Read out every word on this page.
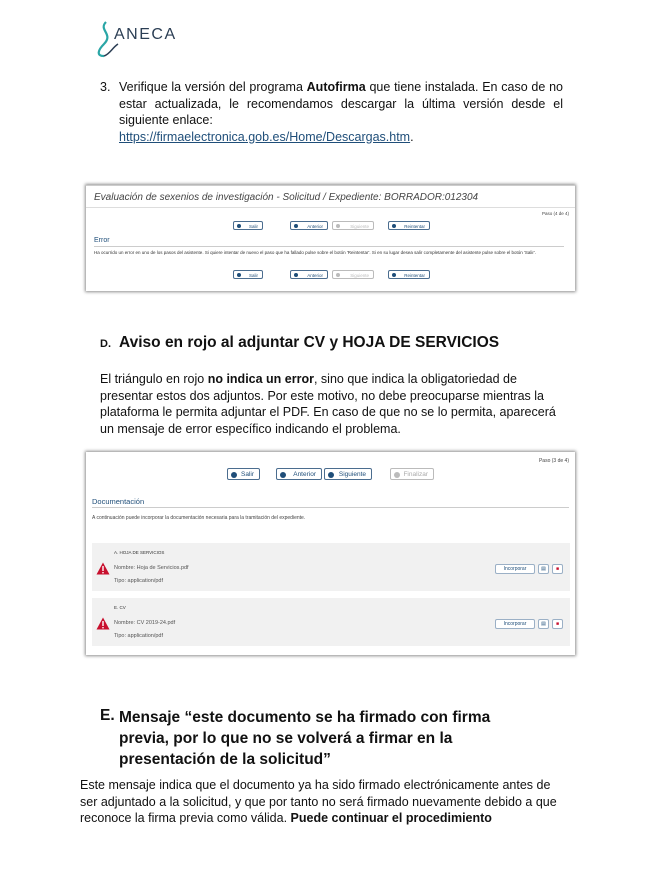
ANECA
3. Verifique la versión del programa Autofirma que tiene instalada. En caso de no estar actualizada, le recomendamos descargar la última versión desde el siguiente enlace:
https://firmaelectronica.gob.es/Home/Descargas.htm.
Evaluación de sexenios de investigación - Solicitud / Expediente: BORRADOR:012304
Paso (4 de 4)
Salir	Anterior	Siguiente	Reintentar
Error
Ha ocurrido un error en uno de los pasos del asistente. Si quiere intentar de nuevo el paso que ha fallado pulse sobre el botón 'Reintentar'. Si en su lugar desea salir completamente del asistente pulse sobre el botón 'Salir'.
Salir	Anterior	Siguiente	Reintentar
D. Aviso en rojo al adjuntar CV y HOJA DE SERVICIOS
El triángulo en rojo no indica un error, sino que indica la obligatoriedad de presentar estos dos adjuntos. Por este motivo, no debe preocuparse mientras la plataforma le permita adjuntar el PDF. En caso de que no se lo permita, aparecerá un mensaje de error específico indicando el problema.
Paso (3 de 4)
Salir	Anterior	Siguiente	Finalizar
Documentación
A continuación puede incorporar la documentación necesaria para la tramitación del expediente.
A. HOJA DE SERVICIOS
Nombre: Hoja de Servicios.pdf
Tipo: application/pdf
Incorporar	▤	■
E. CV
Nombre: CV 2019-24.pdf
Tipo: application/pdf
Incorporar	▤	■
E. Mensaje “este documento se ha firmado con firma previa, por lo que no se volverá a firmar en la presentación de la solicitud”
Este mensaje indica que el documento ya ha sido firmado electrónicamente antes de ser adjuntado a la solicitud, y que por tanto no será firmado nuevamente debido a que reconoce la firma previa como válida. Puede continuar el procedimiento
